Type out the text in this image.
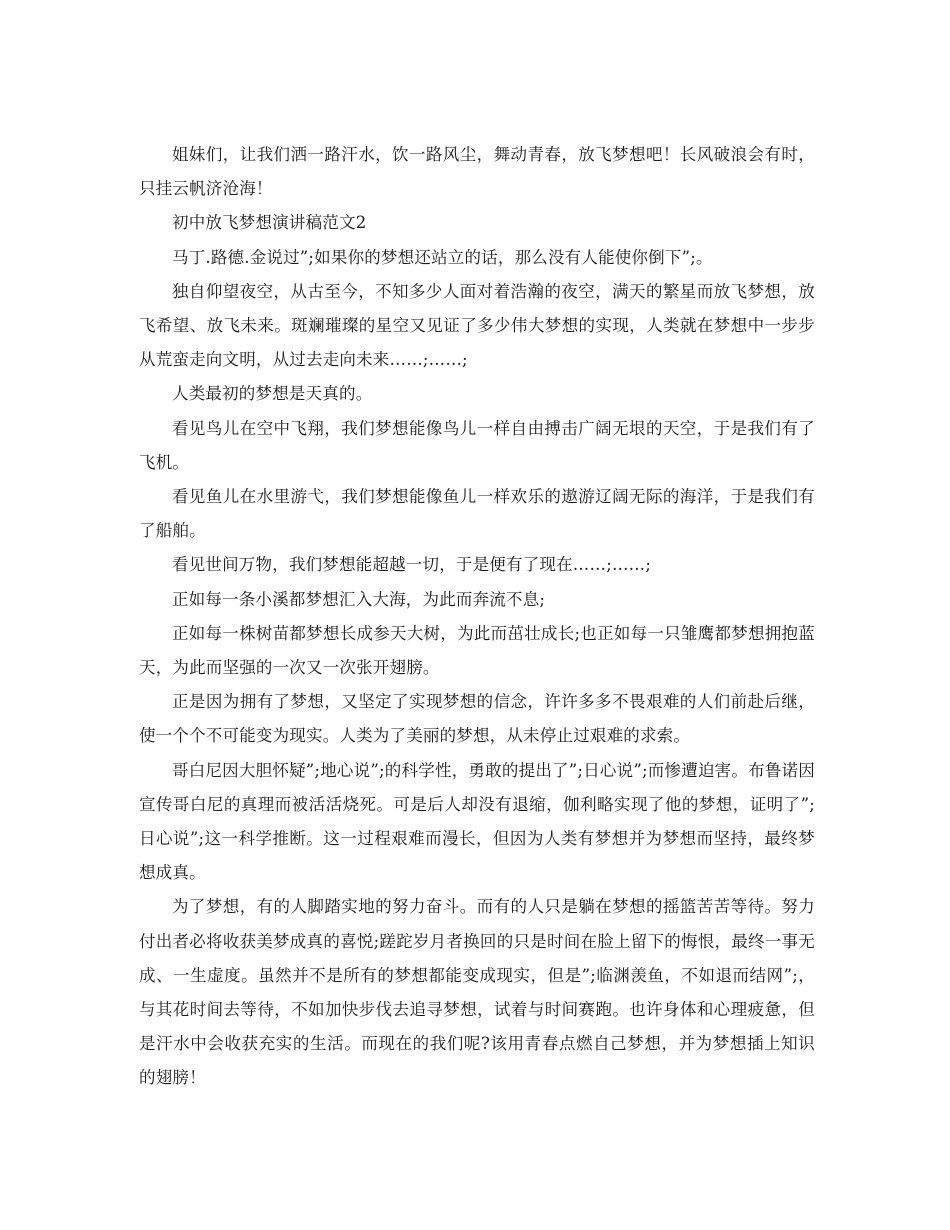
姐妹们，让我们洒一路汗水，饮一路风尘，舞动青春，放飞梦想吧！长风破浪会有时，只挂云帆济沧海！

初中放飞梦想演讲稿范文2

马丁.路德.金说过”;如果你的梦想还站立的话，那么没有人能使你倒下”;。

独自仰望夜空，从古至今，不知多少人面对着浩瀚的夜空，满天的繁星而放飞梦想，放飞希望、放飞未来。斑斓璀璨的星空又见证了多少伟大梦想的实现，人类就在梦想中一步步从荒蛮走向文明，从过去走向未来……;……;

人类最初的梦想是天真的。

看见鸟儿在空中飞翔，我们梦想能像鸟儿一样自由搏击广阔无垠的天空，于是我们有了飞机。

看见鱼儿在水里游弋，我们梦想能像鱼儿一样欢乐的遨游辽阔无际的海洋，于是我们有了船舶。

看见世间万物，我们梦想能超越一切，于是便有了现在……;……;

正如每一条小溪都梦想汇入大海，为此而奔流不息;

正如每一株树苗都梦想长成参天大树，为此而茁壮成长;也正如每一只雏鹰都梦想拥抱蓝天，为此而坚强的一次又一次张开翅膀。

正是因为拥有了梦想，又坚定了实现梦想的信念，许许多多不畏艰难的人们前赴后继，使一个个不可能变为现实。人类为了美丽的梦想，从未停止过艰难的求索。

哥白尼因大胆怀疑”;地心说”;的科学性，勇敢的提出了”;日心说”;而惨遭迫害。布鲁诺因宣传哥白尼的真理而被活活烧死。可是后人却没有退缩，伽利略实现了他的梦想，证明了”;日心说”;这一科学推断。这一过程艰难而漫长，但因为人类有梦想并为梦想而坚持，最终梦想成真。

为了梦想，有的人脚踏实地的努力奋斗。而有的人只是躺在梦想的摇篮苦苦等待。努力付出者必将收获美梦成真的喜悦;蹉跎岁月者换回的只是时间在脸上留下的悔恨，最终一事无成、一生虚度。虽然并不是所有的梦想都能变成现实，但是”;临渊羡鱼，不如退而结网”;，与其花时间去等待，不如加快步伐去追寻梦想，试着与时间赛跑。也许身体和心理疲惫，但是汗水中会收获充实的生活。而现在的我们呢?该用青春点燃自己梦想，并为梦想插上知识的翅膀！
